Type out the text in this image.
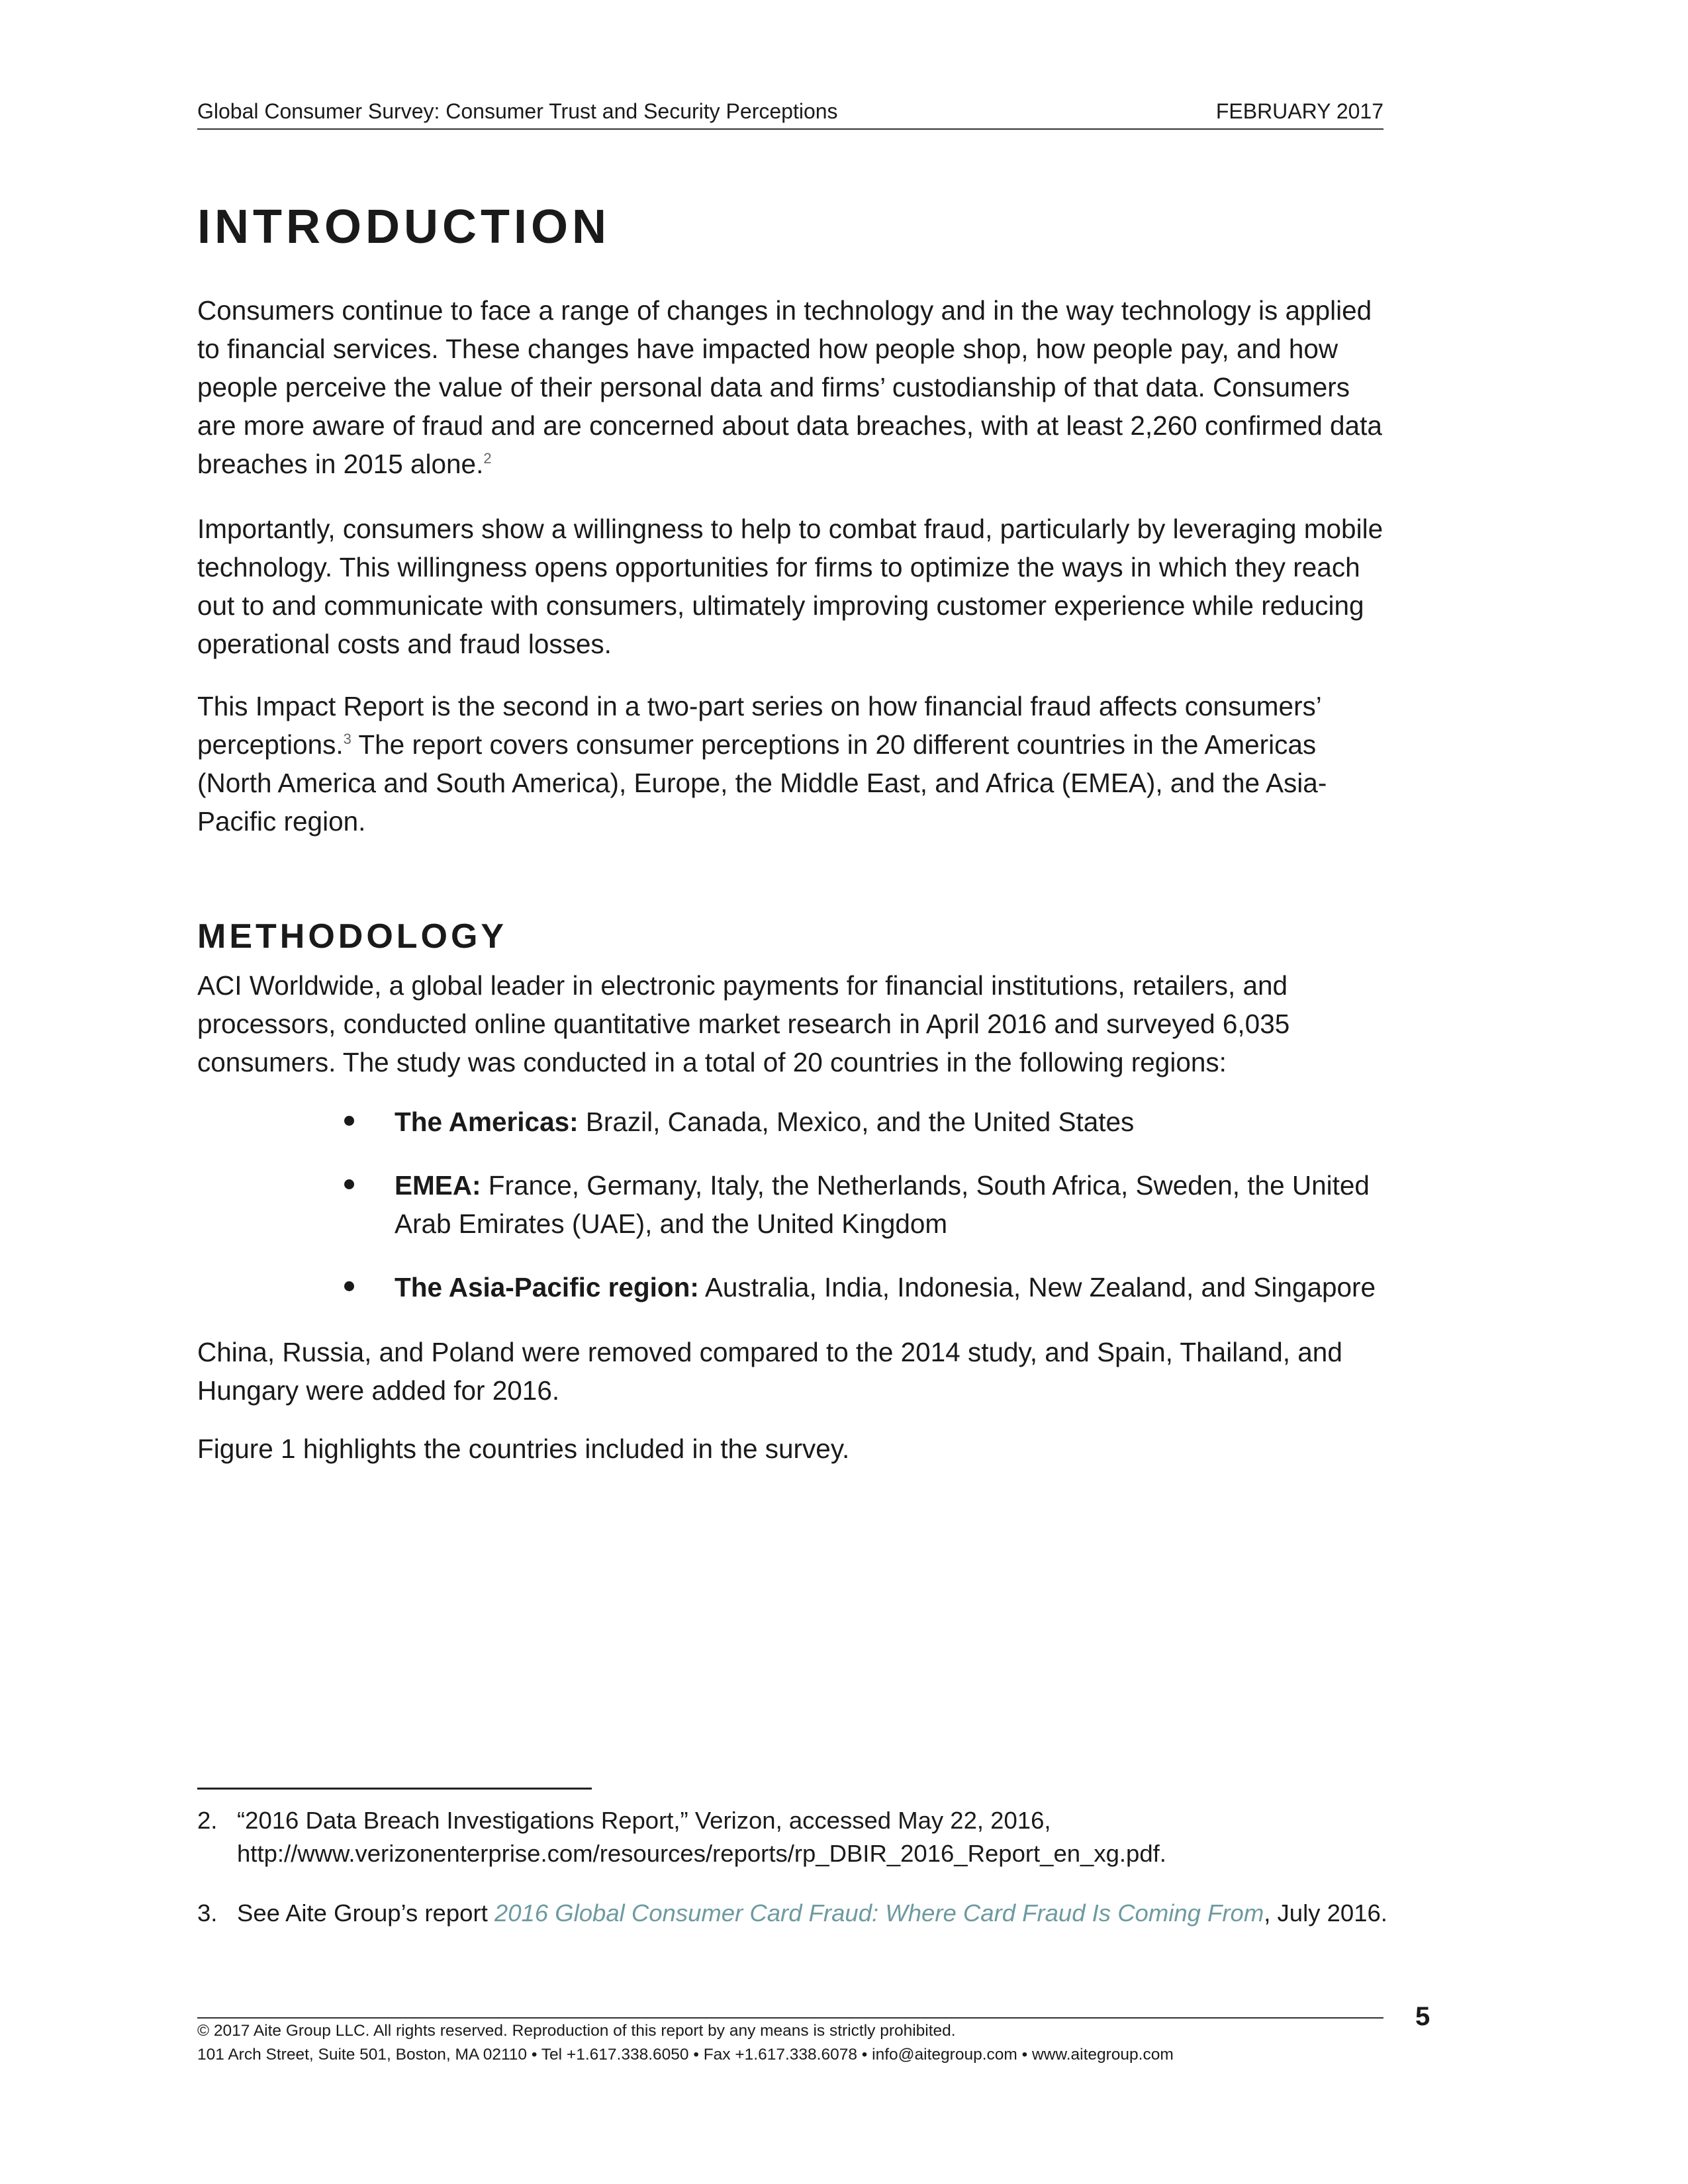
Global Consumer Survey: Consumer Trust and Security Perceptions	FEBRUARY 2017
INTRODUCTION

Consumers continue to face a range of changes in technology and in the way technology is applied to financial services. These changes have impacted how people shop, how people pay, and how people perceive the value of their personal data and firms’ custodianship of that data. Consumers are more aware of fraud and are concerned about data breaches, with at least 2,260 confirmed data breaches in 2015 alone.$^2$

Importantly, consumers show a willingness to help to combat fraud, particularly by leveraging mobile technology. This willingness opens opportunities for firms to optimize the ways in which they reach out to and communicate with consumers, ultimately improving customer experience while reducing operational costs and fraud losses.

This Impact Report is the second in a two-part series on how financial fraud affects consumers’ perceptions.$^3$ The report covers consumer perceptions in 20 different countries in the Americas (North America and South America), Europe, the Middle East, and Africa (EMEA), and the Asia-Pacific region.

METHODOLOGY

ACI Worldwide, a global leader in electronic payments for financial institutions, retailers, and processors, conducted online quantitative market research in April 2016 and surveyed 6,035 consumers. The study was conducted in a total of 20 countries in the following regions:

The Americas: Brazil, Canada, Mexico, and the United States
EMEA: France, Germany, Italy, the Netherlands, South Africa, Sweden, the United Arab Emirates (UAE), and the United Kingdom
The Asia-Pacific region: Australia, India, Indonesia, New Zealand, and Singapore

China, Russia, and Poland were removed compared to the 2014 study, and Spain, Thailand, and Hungary were added for 2016.

Figure 1 highlights the countries included in the survey.

2. “2016 Data Breach Investigations Report,” Verizon, accessed May 22, 2016,
http://www.verizonenterprise.com/resources/reports/rp_DBIR_2016_Report_en_xg.pdf.
3. See Aite Group’s report 2016 Global Consumer Card Fraud: Where Card Fraud Is Coming From, July 2016.
5
© 2017 Aite Group LLC. All rights reserved. Reproduction of this report by any means is strictly prohibited.
101 Arch Street, Suite 501, Boston, MA 02110 • Tel +1.617.338.6050 • Fax +1.617.338.6078 • info@aitegroup.com • www.aitegroup.com
